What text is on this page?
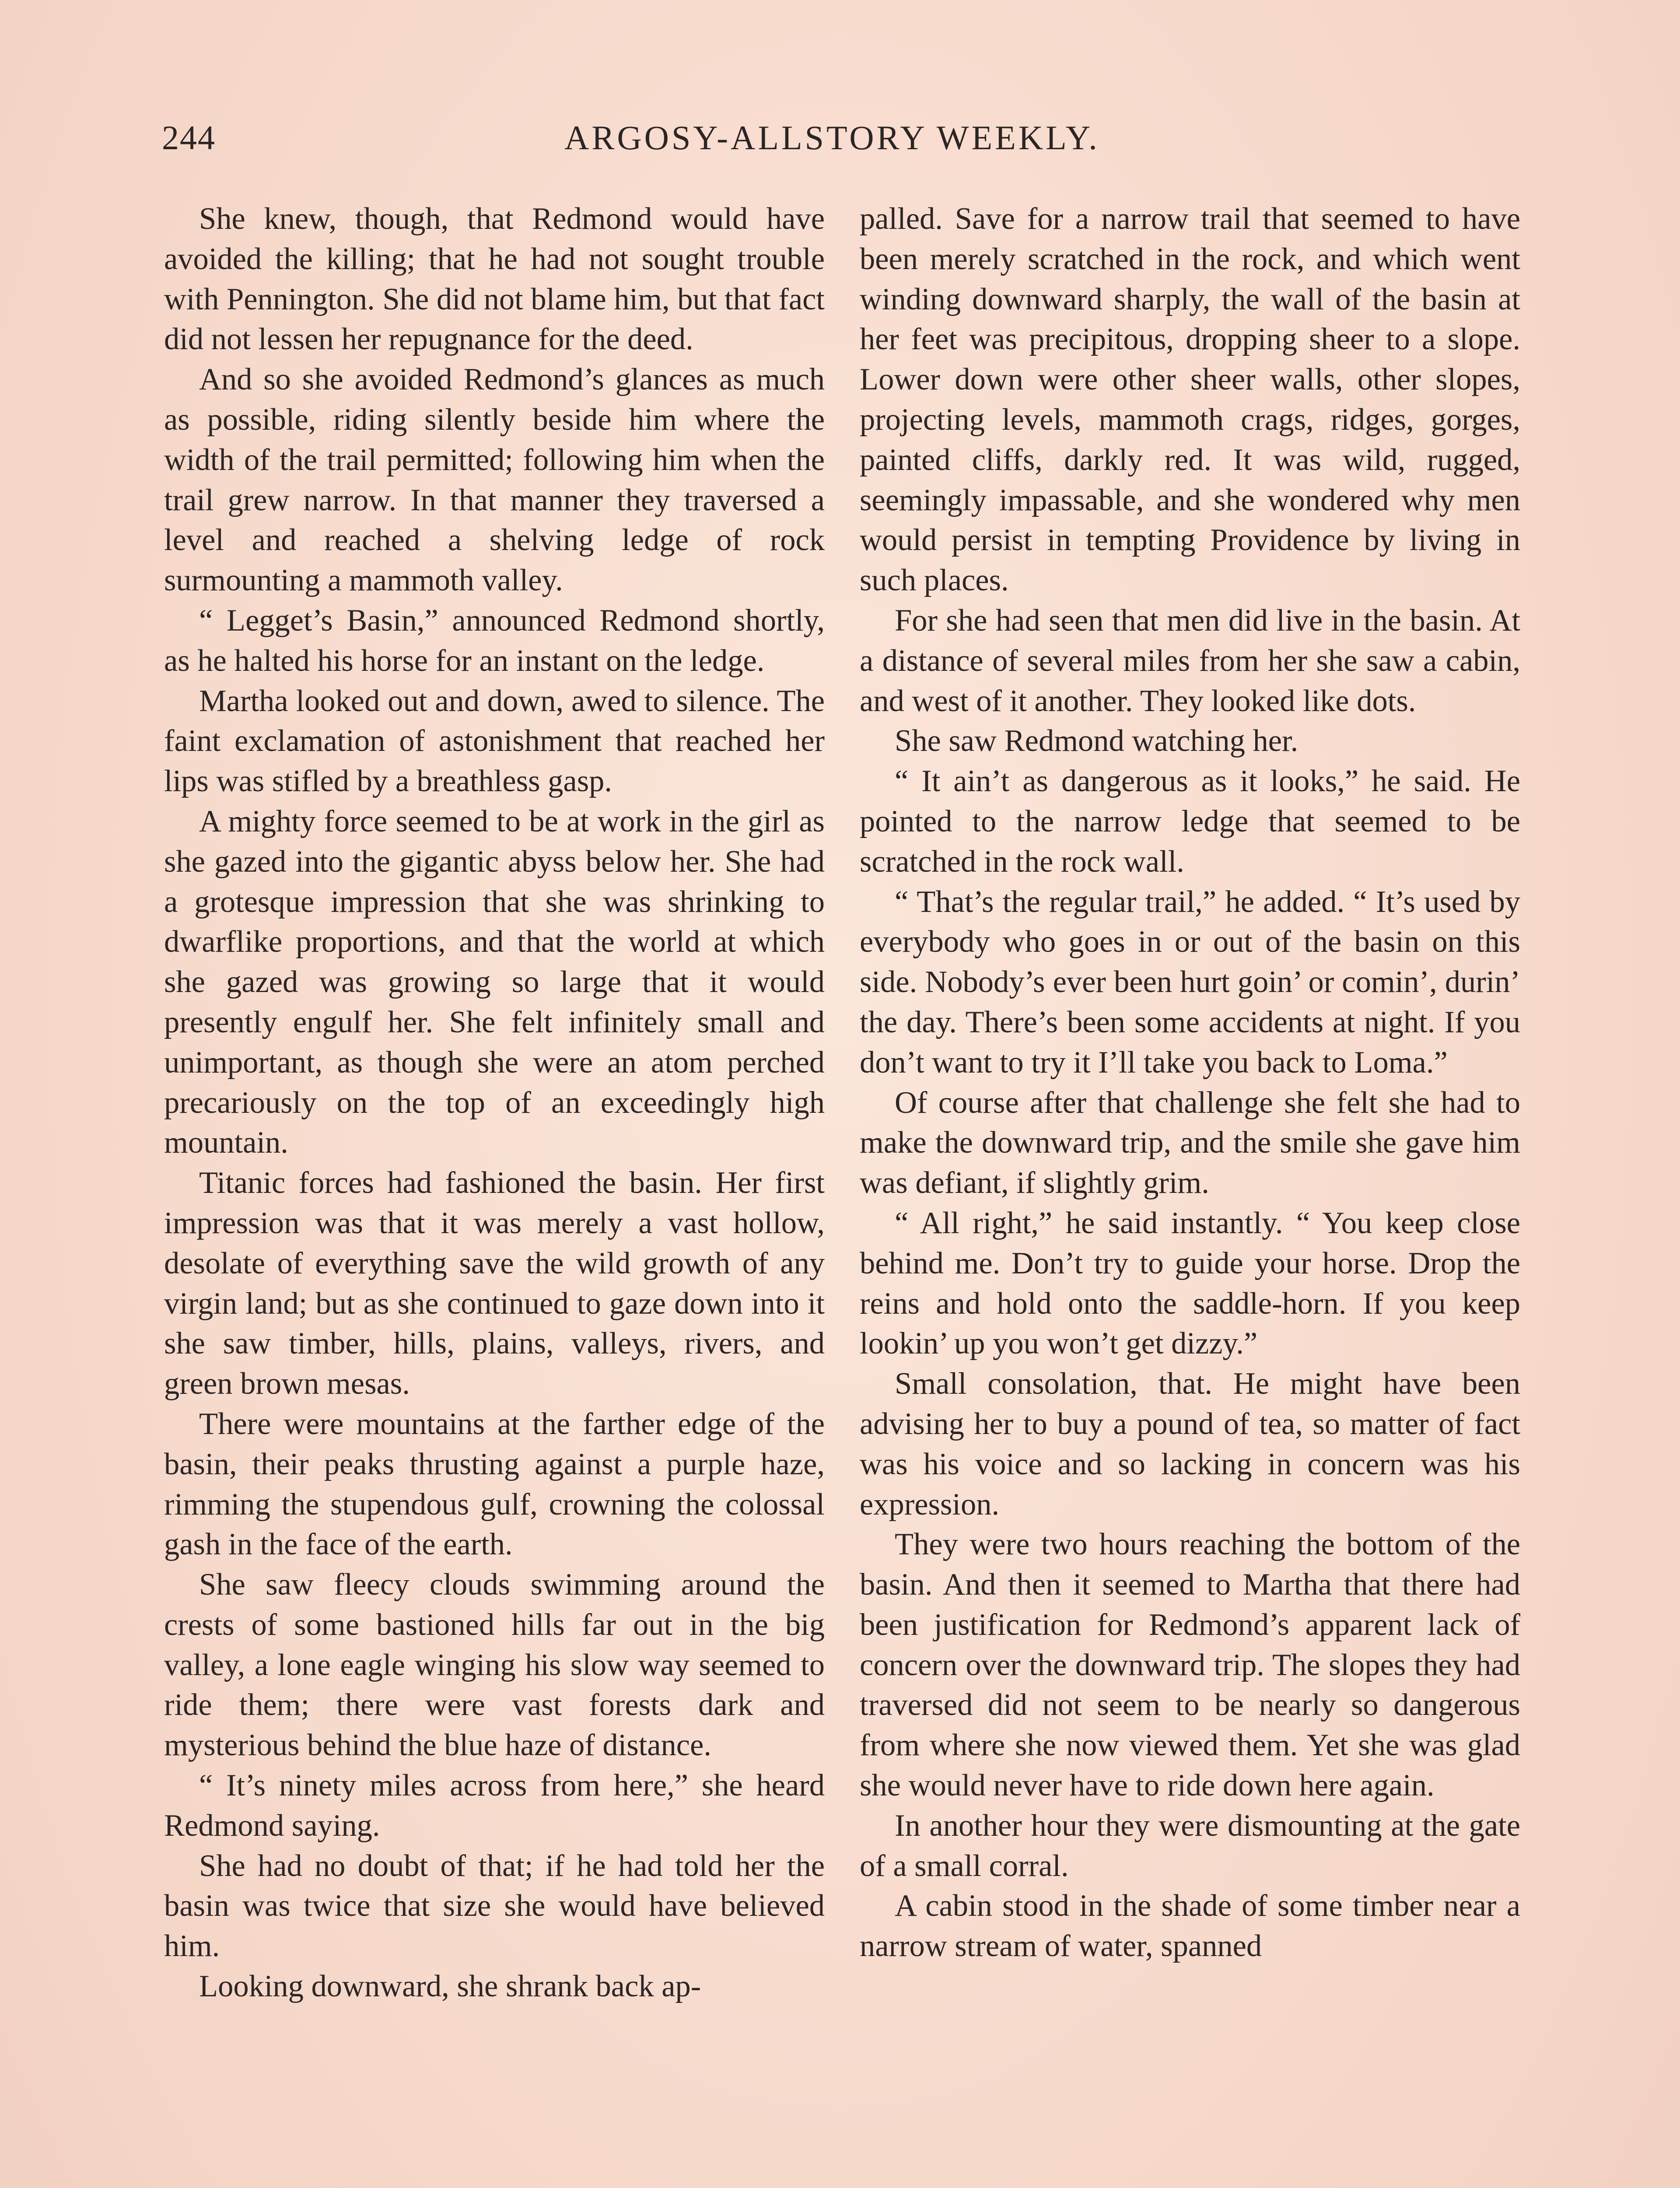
244	ARGOSY-ALLSTORY WEEKLY.

She knew, though, that Redmond would have avoided the killing; that he had not sought trouble with Pennington. She did not blame him, but that fact did not lessen her repugnance for the deed.

And so she avoided Redmond’s glances as much as possible, riding silently beside him where the width of the trail permitted; following him when the trail grew narrow. In that manner they traversed a level and reached a shelving ledge of rock surmounting a mammoth valley.

“ Legget’s Basin,” announced Redmond shortly, as he halted his horse for an instant on the ledge.

Martha looked out and down, awed to silence. The faint exclamation of astonishment that reached her lips was stifled by a breathless gasp.

A mighty force seemed to be at work in the girl as she gazed into the gigantic abyss below her. She had a grotesque impression that she was shrinking to dwarflike proportions, and that the world at which she gazed was growing so large that it would presently engulf her. She felt infinitely small and unimportant, as though she were an atom perched precariously on the top of an exceedingly high mountain.

Titanic forces had fashioned the basin. Her first impression was that it was merely a vast hollow, desolate of everything save the wild growth of any virgin land; but as she continued to gaze down into it she saw timber, hills, plains, valleys, rivers, and green brown mesas.

There were mountains at the farther edge of the basin, their peaks thrusting against a purple haze, rimming the stupendous gulf, crowning the colossal gash in the face of the earth.

She saw fleecy clouds swimming around the crests of some bastioned hills far out in the big valley, a lone eagle winging his slow way seemed to ride them; there were vast forests dark and mysterious behind the blue haze of distance.

“ It’s ninety miles across from here,” she heard Redmond saying.

She had no doubt of that; if he had told her the basin was twice that size she would have believed him.

Looking downward, she shrank back ap-

palled. Save for a narrow trail that seemed to have been merely scratched in the rock, and which went winding downward sharply, the wall of the basin at her feet was precipitous, dropping sheer to a slope. Lower down were other sheer walls, other slopes, projecting levels, mammoth crags, ridges, gorges, painted cliffs, darkly red. It was wild, rugged, seemingly impassable, and she wondered why men would persist in tempting Providence by living in such places.

For she had seen that men did live in the basin. At a distance of several miles from her she saw a cabin, and west of it another. They looked like dots.

She saw Redmond watching her.

“ It ain’t as dangerous as it looks,” he said. He pointed to the narrow ledge that seemed to be scratched in the rock wall.

“ That’s the regular trail,” he added. “ It’s used by everybody who goes in or out of the basin on this side. Nobody’s ever been hurt goin’ or comin’, durin’ the day. There’s been some accidents at night. If you don’t want to try it I’ll take you back to Loma.”

Of course after that challenge she felt she had to make the downward trip, and the smile she gave him was defiant, if slightly grim.

“ All right,” he said instantly. “ You keep close behind me. Don’t try to guide your horse. Drop the reins and hold onto the saddle-horn. If you keep lookin’ up you won’t get dizzy.”

Small consolation, that. He might have been advising her to buy a pound of tea, so matter of fact was his voice and so lacking in concern was his expression.

They were two hours reaching the bottom of the basin. And then it seemed to Martha that there had been justification for Redmond’s apparent lack of concern over the downward trip. The slopes they had traversed did not seem to be nearly so dangerous from where she now viewed them. Yet she was glad she would never have to ride down here again.

In another hour they were dismounting at the gate of a small corral.

A cabin stood in the shade of some timber near a narrow stream of water, spanned
